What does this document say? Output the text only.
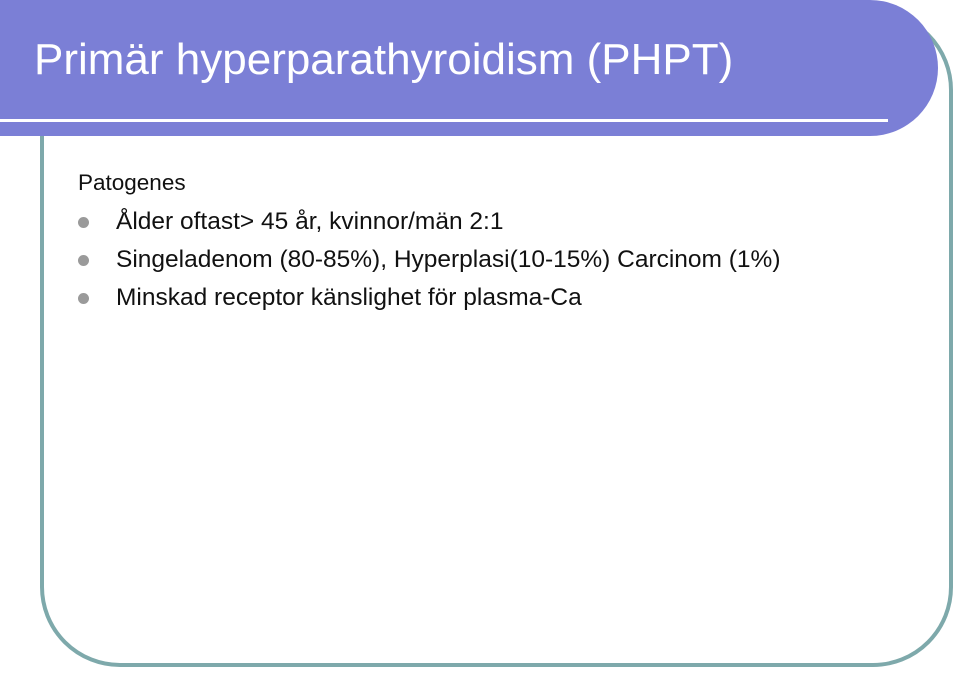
Primär hyperparathyroidism (PHPT)
Patogenes
Ålder oftast> 45 år, kvinnor/män 2:1
Singeladenom (80-85%), Hyperplasi(10-15%) Carcinom (1%)
Minskad receptor känslighet för plasma-Ca
